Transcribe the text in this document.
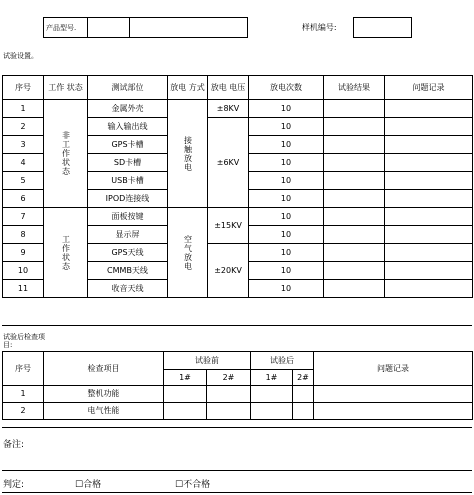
产品型号.				样机编号:	
试验设置。
序号	工作 状态	测试部位	放电 方式	放电 电压	放电次数	试验结果	问题记录
1	非工作状态	金属外壳	接触放电	±8KV	10		
2		输入输出线		±6KV	10		
3		GPS卡槽			10		
4		SD卡槽			10		
5		USB卡槽			10		
6		IPOD连接线			10		
7	工作状态	面板按键	空气放电	±15KV	10		
8		显示屏			10		
9		GPS天线		±20KV	10		
10		CMMB天线			10		
11		收音天线			10		
试验后检查项目:
序号	检查项目	试验前		试验后		问题记录
		1#	2#	1#	2#	
1	整机功能					
2	电气性能					
备注:
判定:	☐合格	☐不合格
